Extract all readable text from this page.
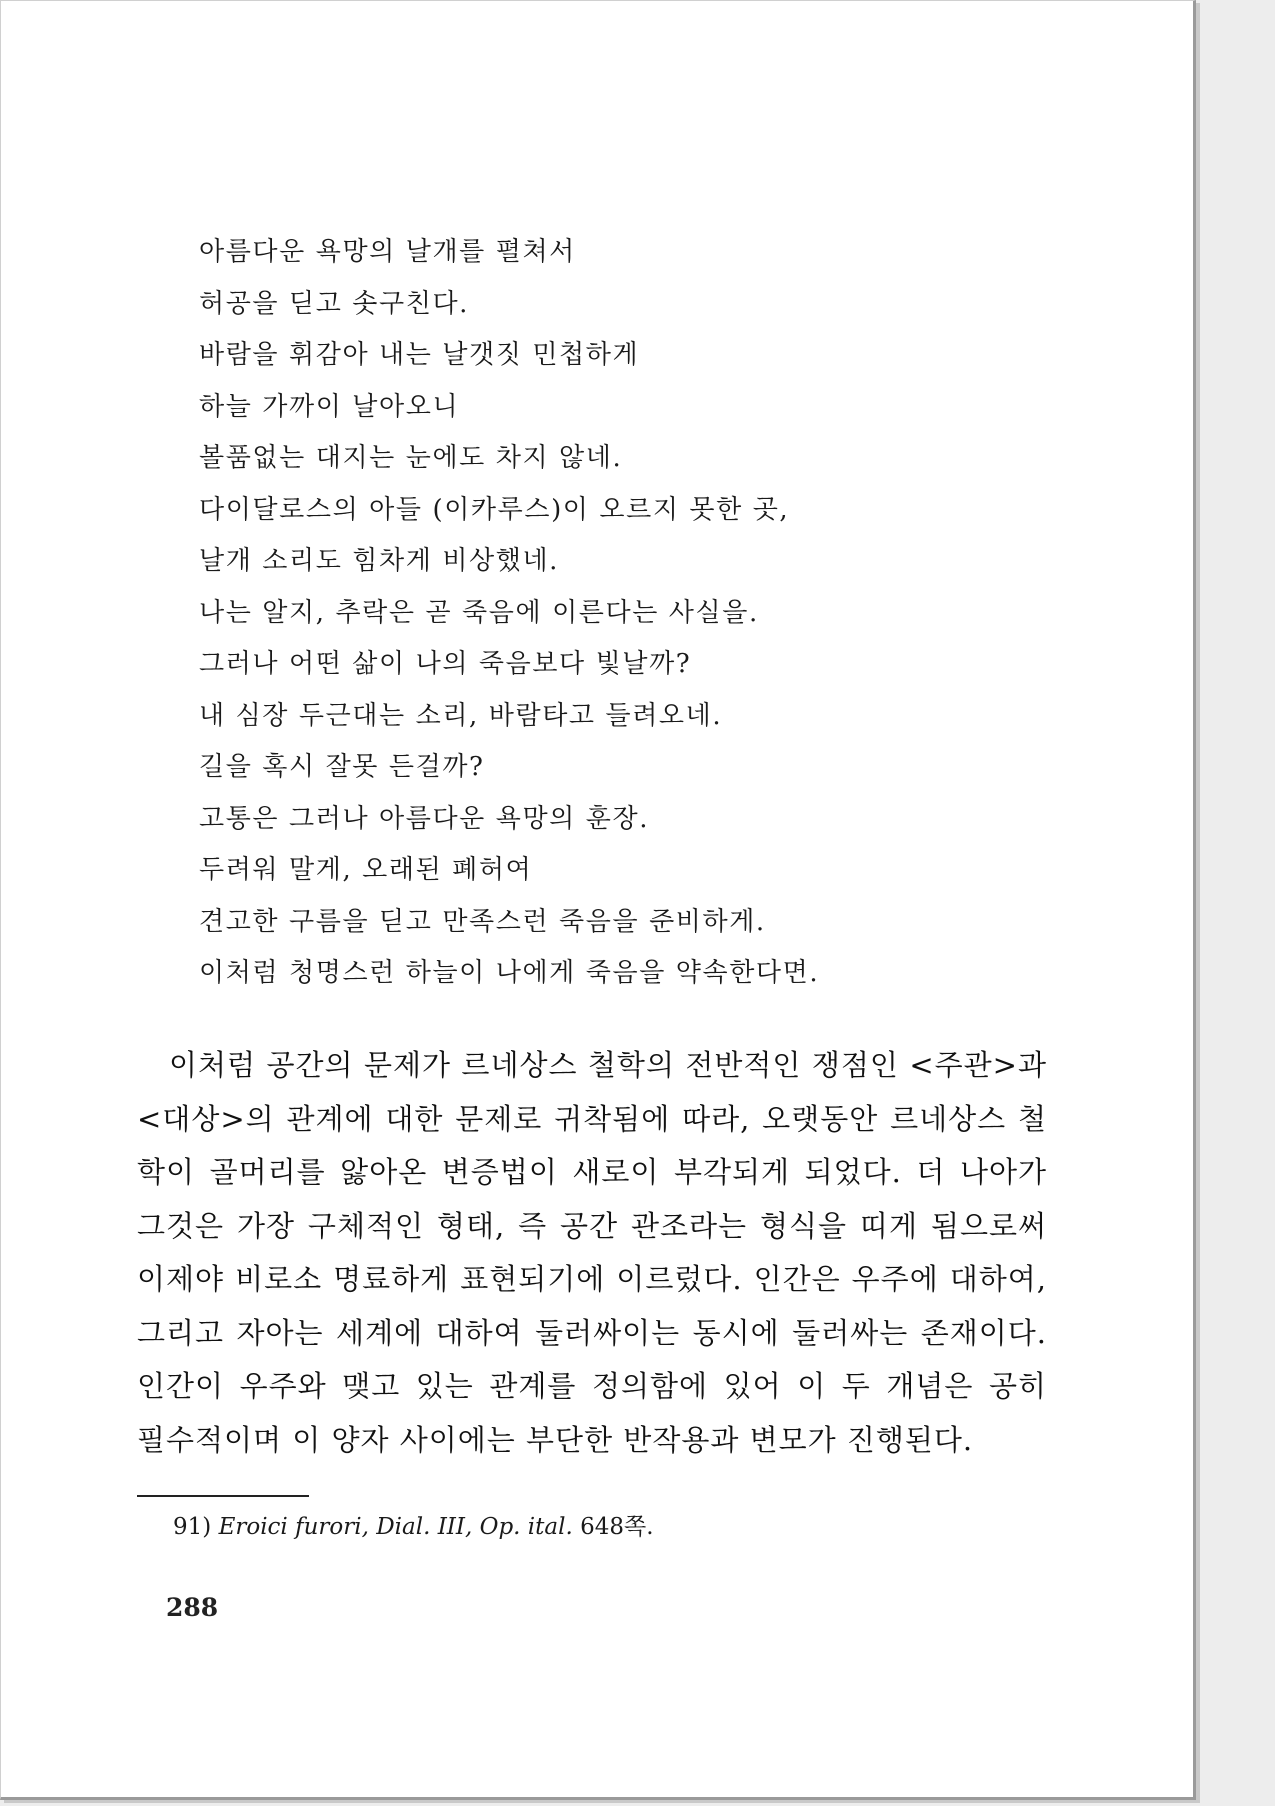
아름다운 욕망의 날개를 펼쳐서
허공을 딛고 솟구친다.
바람을 휘감아 내는 날갯짓 민첩하게
하늘 가까이 날아오니
볼품없는 대지는 눈에도 차지 않네.
다이달로스의 아들 (이카루스)이 오르지 못한 곳,
날개 소리도 힘차게 비상했네.
나는 알지, 추락은 곧 죽음에 이른다는 사실을.
그러나 어떤 삶이 나의 죽음보다 빛날까?
내 심장 두근대는 소리, 바람타고 들려오네.
길을 혹시 잘못 든걸까?
고통은 그러나 아름다운 욕망의 훈장.
두려워 말게, 오래된 폐허여
견고한 구름을 딛고 만족스런 죽음을 준비하게.
이처럼 청명스런 하늘이 나에게 죽음을 약속한다면.
이처럼 공간의 문제가 르네상스 철학의 전반적인 쟁점인 <주관>과
<대상>의 관계에 대한 문제로 귀착됨에 따라, 오랫동안 르네상스 철
학이 골머리를 앓아온 변증법이 새로이 부각되게 되었다. 더 나아가
그것은 가장 구체적인 형태, 즉 공간 관조라는 형식을 띠게 됨으로써
이제야 비로소 명료하게 표현되기에 이르렀다. 인간은 우주에 대하여,
그리고 자아는 세계에 대하여 둘러싸이는 동시에 둘러싸는 존재이다.
인간이 우주와 맺고 있는 관계를 정의함에 있어 이 두 개념은 공히
필수적이며 이 양자 사이에는 부단한 반작용과 변모가 진행된다.
91) Eroici furori, Dial. III, Op. ital. 648쪽.
288
